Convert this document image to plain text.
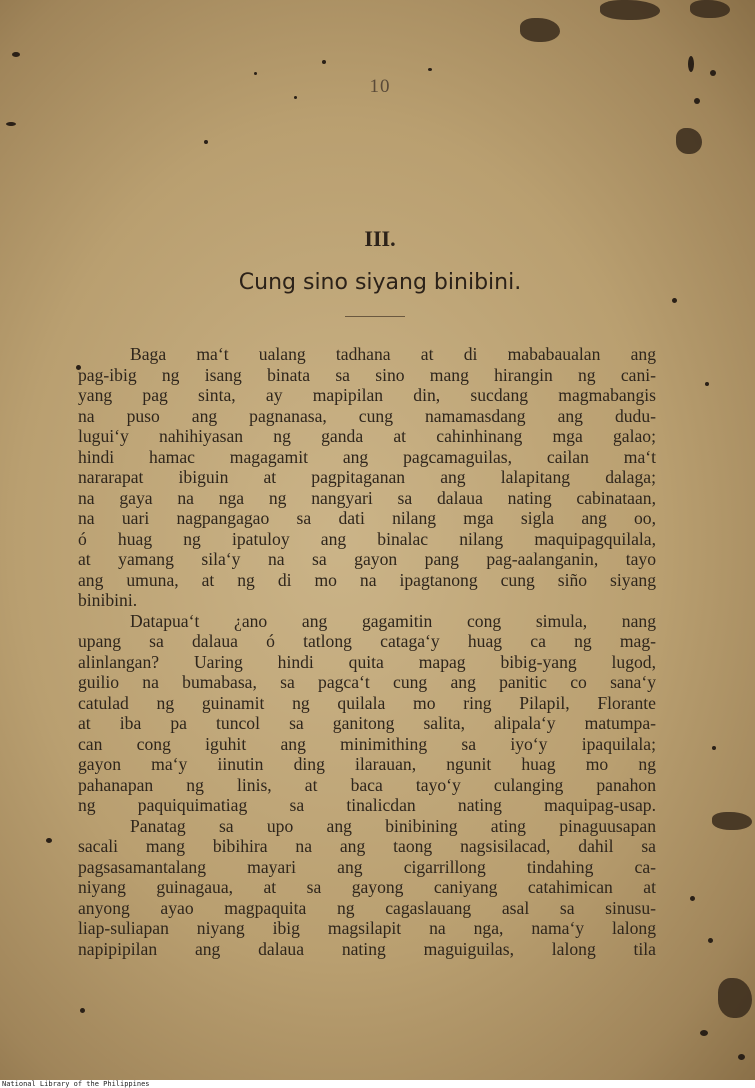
10
III.
Cung sino siyang binibini.
Baga ma‘t ualang tadhana at di mababaualan ang
pag-ibig ng isang binata sa sino mang hirangin ng cani-
yang pag sinta, ay mapipilan din, sucdang magmabangis
na puso ang pagnanasa, cung namamasdang ang dudu-
lugui‘y nahihiyasan ng ganda at cahinhinang mga galao;
hindi hamac magagamit ang pagcamaguilas, cailan ma‘t
nararapat ibiguin at pagpitaganan ang lalapitang dalaga;
na gaya na nga ng nangyari sa dalaua nating cabinataan,
na uari nagpangagao sa dati nilang mga sigla ang oo,
ó huag ng ipatuloy ang binalac nilang maquipagquilala,
at yamang sila‘y na sa gayon pang pag-aalanganin, tayo
ang umuna, at ng di mo na ipagtanong cung siño siyang
binibini.
Datapua‘t ¿ano ang gagamitin cong simula, nang
upang sa dalaua ó tatlong cataga‘y huag ca ng mag-
alinlangan? Uaring hindi quita mapag bibig-yang lugod,
guilio na bumabasa, sa pagca‘t cung ang panitic co sana‘y
catulad ng guinamit ng quilala mo ring Pilapil, Florante
at iba pa tuncol sa ganitong salita, alipala‘y matumpa-
can cong iguhit ang minimithing sa iyo‘y ipaquilala;
gayon ma‘y iinutin ding ilarauan, ngunit huag mo ng
pahanapan ng linis, at baca tayo‘y culanging panahon
ng paquiquimatiag sa tinalicdan nating maquipag-usap.
Panatag sa upo ang binibining ating pinaguusapan
sacali mang bibihira na ang taong nagsisilacad, dahil sa
pagsasamantalang mayari ang cigarrillong tindahing ca-
niyang guinagaua, at sa gayong caniyang catahimican at
anyong ayao magpaquita ng cagaslauang asal sa sinusu-
liap-suliapan niyang ibig magsilapit na nga, nama‘y lalong
napipipilan ang dalaua nating maguiguilas, lalong tila
National Library of the Philippines
